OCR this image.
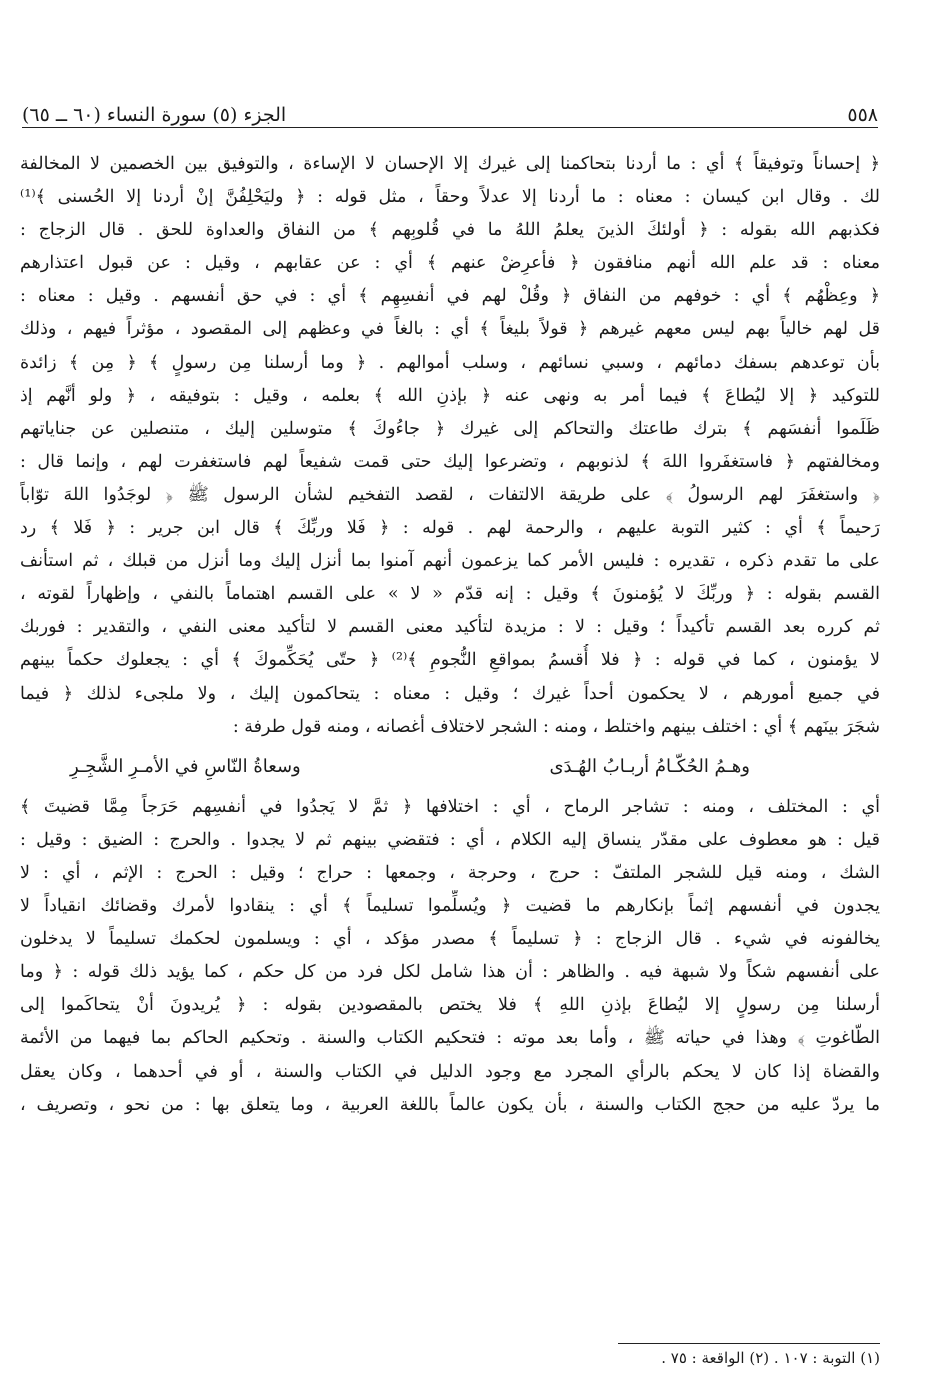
٥٥٨
الجزء (٥) سورة النساء (٦٠ ــ ٦٥)
﴿ إحساناً وتوفيقاً ﴾ أي : ما أردنا بتحاكمنا إلى غيرك إلا الإحسان لا الإساءة ، والتوفيق بين الخصمين لا المخالفة
لك . وقال ابن كيسان : معناه : ما أردنا إلا عدلاً وحقاً ، مثل قوله : ﴿ وليَحْلِفُنَّ إنْ أردنا إلا الحُسنى ﴾⁽¹⁾
فكذبهم الله بقوله : ﴿ أولئكَ الذينَ يعلمُ اللهُ ما في قُلوبِهم ﴾ من النفاق والعداوة للحق . قال الزجاج :
معناه : قد علم الله أنهم منافقون ﴿ فأعرِضْ عنهم ﴾ أي : عن عقابهم ، وقيل : عن قبول اعتذارهم
﴿ وعِظْهُم ﴾ أي : خوفهم من النفاق ﴿ وقُلْ لهم في أنفسِهِم ﴾ أي : في حق أنفسهم . وقيل : معناه :
قل لهم خالياً بهم ليس معهم غيرهم ﴿ قولاً بليغاً ﴾ أي : بالغاً في وعظهم إلى المقصود ، مؤثراً فيهم ، وذلك
بأن توعدهم بسفك دمائهم ، وسبي نسائهم ، وسلب أموالهم . ﴿ وما أرسلنا مِن رسولٍ ﴾ ﴿ مِن ﴾ زائدة
للتوكيد ﴿ إلا ليُطاعَ ﴾ فيما أمر به ونهى عنه ﴿ بإذنِ الله ﴾ بعلمه ، وقيل : بتوفيقه ، ﴿ ولو أنَّهم إذ
ظَلَموا أنفسَهم ﴾ بترك طاعتك والتحاكم إلى غيرك ﴿ جاءُوكَ ﴾ متوسلين إليك ، متنصلين عن جناياتهم
ومخالفتهم ﴿ فاستغفَروا اللهَ ﴾ لذنوبهم ، وتضرعوا إليك حتى قمت شفيعاً لهم فاستغفرت لهم ، وإنما قال :
﴿ واستغفَرَ لهم الرسولُ ﴾ على طريقة الالتفات ، لقصد التفخيم لشأن الرسول ﷺ ﴿ لوجَدُوا اللهَ توّاباً
رَحيماً ﴾ أي : كثير التوبة عليهم ، والرحمة لهم . قوله : ﴿ فَلا وربِّكَ ﴾ قال ابن جرير : ﴿ فَلا ﴾ رد
على ما تقدم ذكره ، تقديره : فليس الأمر كما يزعمون أنهم آمنوا بما أنزل إليك وما أنزل من قبلك ، ثم استأنف
القسم بقوله : ﴿ وربِّكَ لا يُؤمنونَ ﴾ وقيل : إنه قدّم « لا » على القسم اهتماماً بالنفي ، وإظهاراً لقوته ،
ثم كرره بعد القسم تأكيداً ؛ وقيل : لا : مزيدة لتأكيد معنى القسم لا لتأكيد معنى النفي ، والتقدير : فوربك
لا يؤمنون ، كما في قوله : ﴿ فلا أُقسمُ بمواقعِ النُّجومِ ﴾⁽²⁾ ﴿ حتّى يُحَكِّموكَ ﴾ أي : يجعلوك حكماً بينهم
في جميع أمورهم ، لا يحكمون أحداً غيرك ؛ وقيل : معناه : يتحاكمون إليك ، ولا ملجىء لذلك ﴿ فيما
شجَرَ بينَهم ﴾ أي : اختلف بينهم واختلط ، ومنه : الشجر لاختلاف أغصانه ، ومنه قول طرفة :
وهـمُ الحُكّـامُ أربـابُ الهُـدَى
وسعاةُ النّاسِ في الأمـرِ الشَّجِـرِ
أي : المختلف ، ومنه : تشاجر الرماح ، أي : اختلافها ﴿ ثمَّ لا يَجدُوا في أنفسِهم حَرَجاً مِمَّا قضيتَ ﴾
قيل : هو معطوف على مقدّر ينساق إليه الكلام ، أي : فتقضي بينهم ثم لا يجدوا . والحرج : الضيق : وقيل :
الشك ، ومنه قيل للشجر الملتفّ : حرج ، وحرجة ، وجمعها : حراج ؛ وقيل : الحرج : الإثم ، أي : لا
يجدون في أنفسهم إثماً بإنكارهم ما قضيت ﴿ ويُسلِّموا تسليماً ﴾ أي : ينقادوا لأمرك وقضائك انقياداً لا
يخالفونه في شيء . قال الزجاج : ﴿ تسليماً ﴾ مصدر مؤكد ، أي : ويسلمون لحكمك تسليماً لا يدخلون
على أنفسهم شكاً ولا شبهة فيه . والظاهر : أن هذا شامل لكل فرد من كل حكم ، كما يؤيد ذلك قوله : ﴿ وما
أرسلنا مِن رسولٍ إلا ليُطاعَ بإذنِ اللهِ ﴾ فلا يختص بالمقصودين بقوله : ﴿ يُريدونَ أنْ يتحاكَموا إلى
الطّاغوتِ ﴾ وهذا في حياته ﷺ ، وأما بعد موته : فتحكيم الكتاب والسنة . وتحكيم الحاكم بما فيهما من الأئمة
والقضاة إذا كان لا يحكم بالرأي المجرد مع وجود الدليل في الكتاب والسنة ، أو في أحدهما ، وكان يعقل
ما يردّ عليه من حجج الكتاب والسنة ، بأن يكون عالماً باللغة العربية ، وما يتعلق بها : من نحو ، وتصريف ،
(١) التوبة : ١٠٧ . (٢) الواقعة : ٧٥ .
